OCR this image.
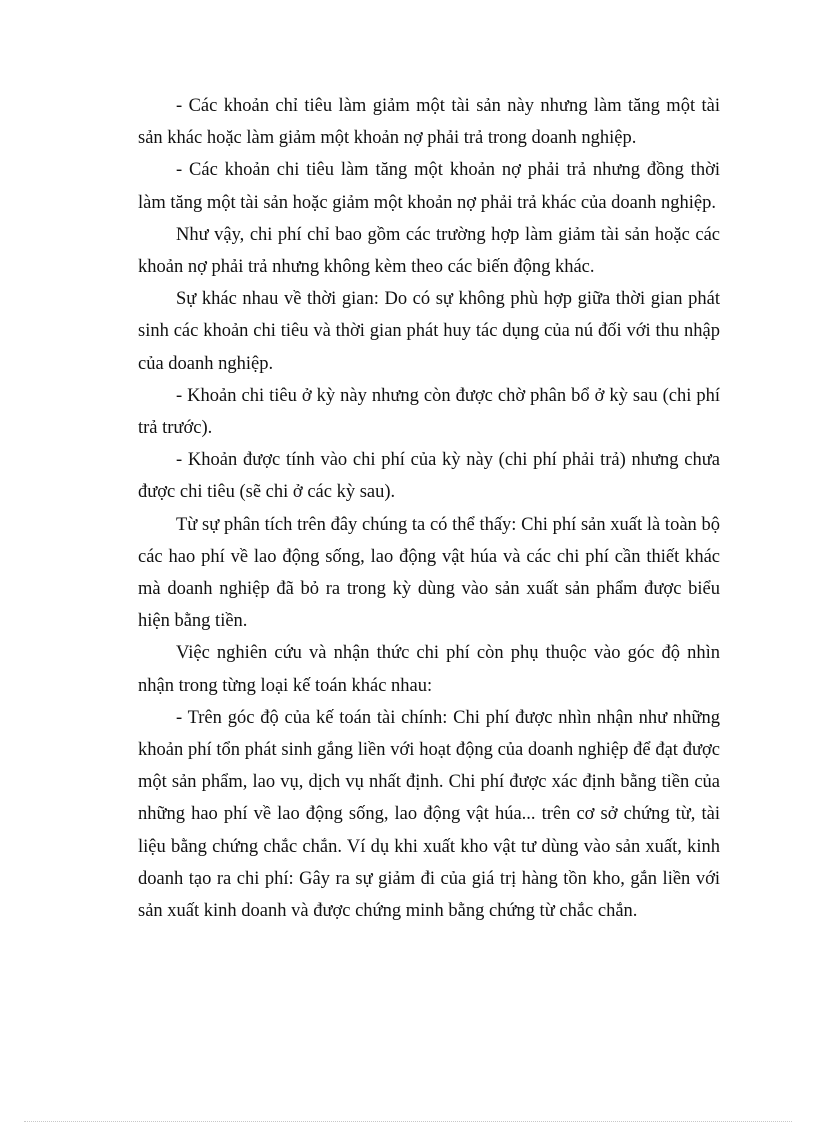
- Các khoản chỉ tiêu làm giảm một tài sản này nhưng làm tăng một tài sản khác hoặc làm giảm một khoản nợ phải trả trong doanh nghiệp.

- Các khoản chi tiêu làm tăng một khoản nợ phải trả nhưng đồng thời làm tăng một tài sản hoặc giảm một khoản nợ phải trả khác của doanh nghiệp.

Như vậy, chi phí chỉ bao gồm các trường hợp làm giảm tài sản hoặc các khoản nợ phải trả nhưng không kèm theo các biến động khác.

Sự khác nhau về thời gian: Do có sự không phù hợp giữa thời gian phát sinh các khoản chi tiêu và thời gian phát huy tác dụng của nú đối với thu nhập của doanh nghiệp.

- Khoản chi tiêu ở kỳ này nhưng còn được chờ phân bổ ở kỳ sau (chi phí trả trước).

- Khoản được tính vào chi phí của kỳ này (chi phí phải trả) nhưng chưa được chi tiêu (sẽ chi ở các kỳ sau).

Từ sự phân tích trên đây chúng ta có thể thấy: Chi phí sản xuất là toàn bộ các hao phí về lao động sống, lao động vật húa và các chi phí cần thiết khác mà doanh nghiệp đã bỏ ra trong kỳ dùng vào sản xuất sản phẩm được biểu hiện bằng tiền.

Việc nghiên cứu và nhận thức chi phí còn phụ thuộc vào góc độ nhìn nhận trong từng loại kế toán khác nhau:

- Trên góc độ của kế toán tài chính: Chi phí được nhìn nhận như những khoản phí tổn phát sinh gắng liền với hoạt động của doanh nghiệp để đạt được một sản phẩm, lao vụ, dịch vụ nhất định. Chi phí được xác định bằng tiền của những hao phí về lao động sống, lao động vật húa... trên cơ sở chứng từ, tài liệu bằng chứng chắc chắn. Ví dụ khi xuất kho vật tư dùng vào sản xuất, kinh doanh tạo ra chi phí: Gây ra sự giảm đi của giá trị hàng tồn kho, gắn liền với sản xuất kinh doanh và được chứng minh bằng chứng từ chắc chắn.
